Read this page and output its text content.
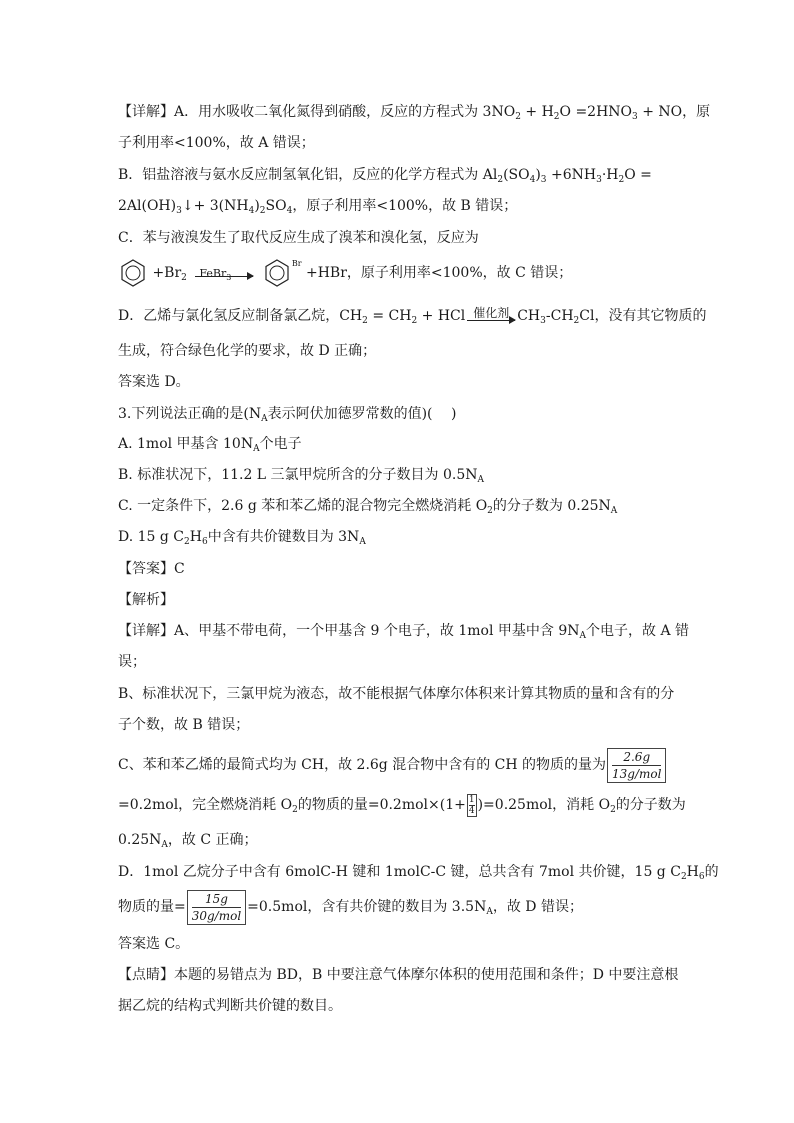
【详解】A．用水吸收二氧化氮得到硝酸，反应的方程式为 $3NO_2 + H_2O =2HNO_3$ + NO，原
子利用率<100%，故 A 错误；
B．铝盐溶液与氨水反应制氢氧化铝，反应的化学方程式为 $Al_2(SO_4)_3 +6NH_3\cdot H_2O$ =
$2Al(OH)_3↓+ 3(NH_4)_2SO_4$，原子利用率<100%，故 B 错误；
C．苯与液溴发生了取代反应生成了溴苯和溴化氢，反应为
$+Br_2$ FeBr$_3$
$^{Br}$ +HBr，原子利用率<100%，故 C 错误；
D．乙烯与氯化氢反应制备氯乙烷，$CH_2 = CH_2$ + HCl 催化剂 $CH_3-CH_2Cl$，没有其它物质的
生成，符合绿色化学的要求，故 D 正确；
答案选 D。
3.下列说法正确的是($N_A$表示阿伏加德罗常数的值)(　 )
A. 1mol 甲基含 $10N_A$个电子
B. 标准状况下，11.2 L 三氯甲烷所含的分子数目为 $0.5N_A$
C. 一定条件下，2.6 g 苯和苯乙烯的混合物完全燃烧消耗 $O_2$的分子数为 $0.25N_A$
D. 15 g $C_2H_6$中含有共价键数目为 $3N_A$
【答案】C
【解析】
【详解】A、甲基不带电荷，一个甲基含 9 个电子，故 1mol 甲基中含 $9N_A$个电子，故 A 错
误；
B、标准状况下，三氯甲烷为液态，故不能根据气体摩尔体积来计算其物质的量和含有的分
子个数，故 B 错误；
C、苯和苯乙烯的最简式均为 CH，故 2.6g 混合物中含有的 CH 的物质的量为 $\frac{2.6g}{\text{13g/mol}}$
=0.2mol，完全燃烧消耗 $O_2$的物质的量$=0.2mol\times(1+ \frac{1}{4})=0.25mol$，消耗 $O_2$的分子数为
$0.25N_A$，故 C 正确；
D．1mol 乙烷分子中含有 6molC-H 键和 1molC-C 键，总共含有 7mol 共价键，15 g $C_2H_6$的
物质的量= $\frac{15g}{\text{30g/mol}} =0.5mol$，含有共价键的数目为 $3.5N_A$，故 D 错误；
答案选 C。
【点睛】本题的易错点为 BD，B 中要注意气体摩尔体积的使用范围和条件；D 中要注意根
据乙烷的结构式判断共价键的数目。
